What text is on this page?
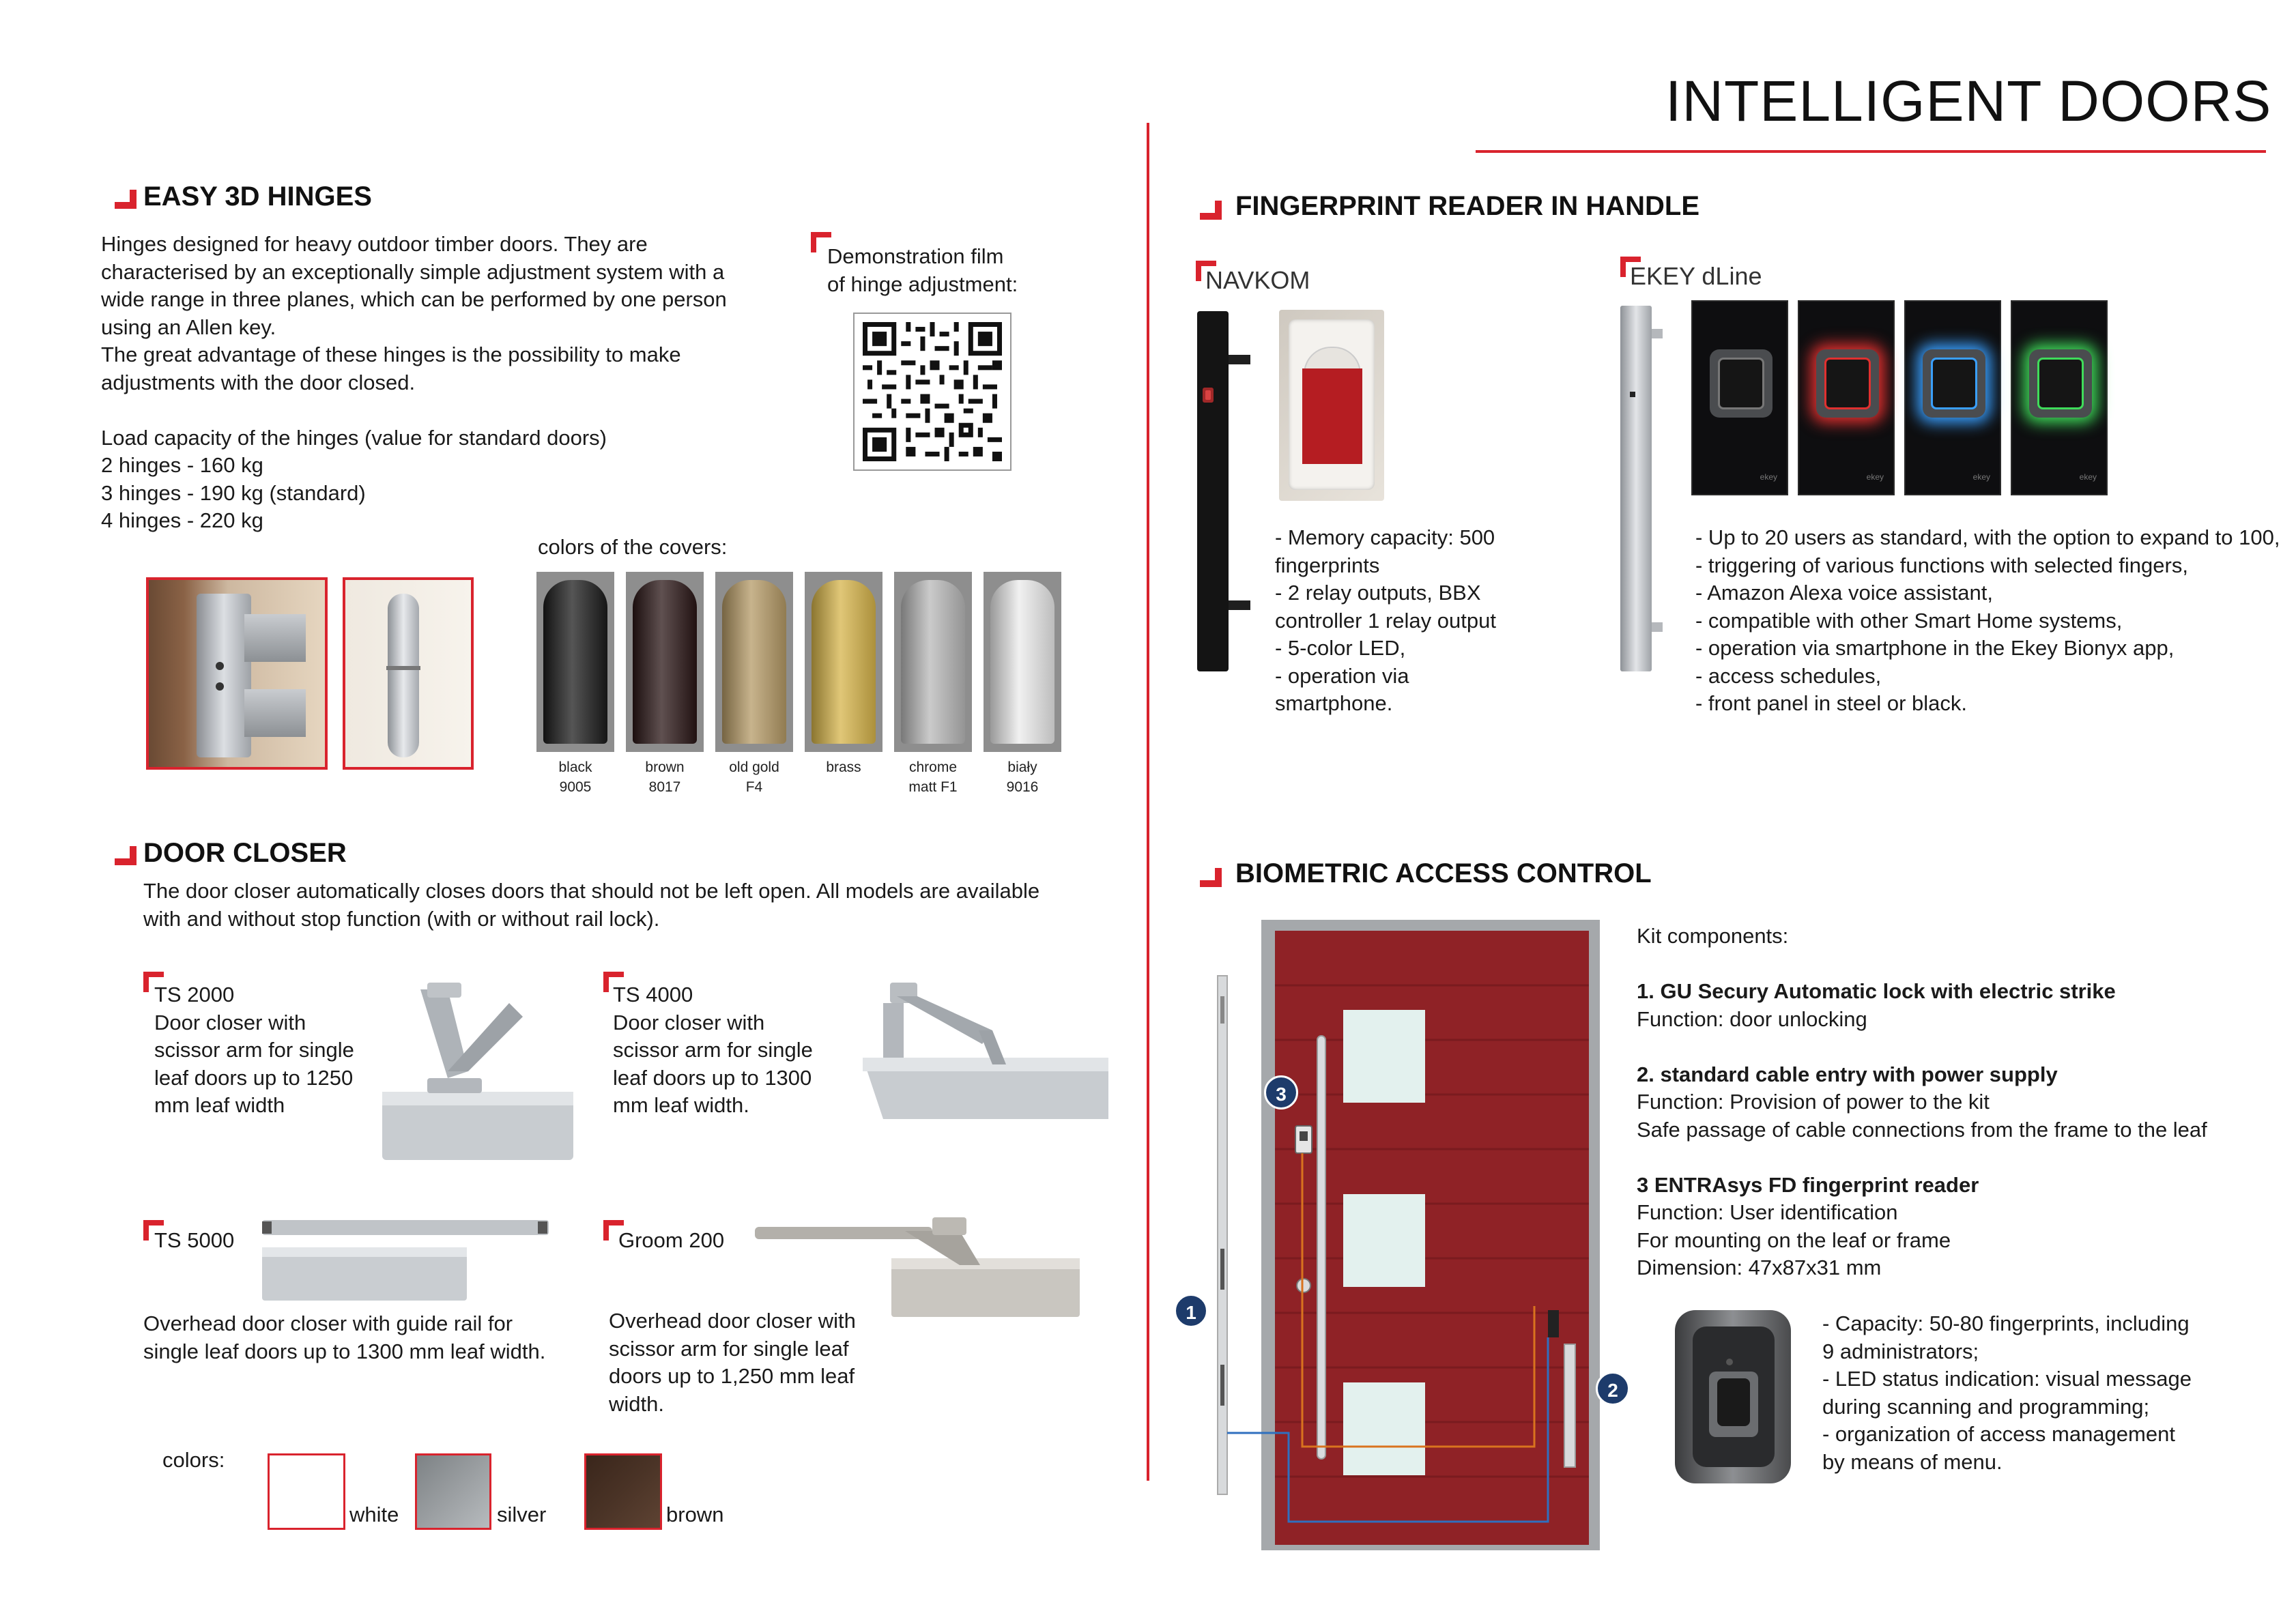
INTELLIGENT DOORS
EASY 3D HINGES
Hinges designed for heavy outdoor timber doors. They are
characterised by an exceptionally simple adjustment system with a
wide range in three planes, which can be performed by one person
using an Allen key.
The great advantage of these hinges is the possibility to make
adjustments with the door closed.
Load capacity of the hinges (value for standard doors)
2 hinges - 160 kg
3 hinges - 190 kg (standard)
4 hinges - 220 kg
Demonstration film
of hinge adjustment:
colors of the covers:
black
9005
brown
8017
old gold
F4
brass	chrome
matt F1
biały
9016
DOOR CLOSER
The door closer automatically closes doors that should not be left open. All models are available
with and without stop function (with or without rail lock).
TS 2000
Door closer with
scissor arm for single
leaf doors up to 1250
mm leaf width
TS 4000
Door closer with
scissor arm for single
leaf doors up to 1300
mm leaf width.
TS 5000
Overhead door closer with guide rail for
single leaf doors up to 1300 mm leaf width.
Groom 200
Overhead door closer with
scissor arm for single leaf
doors up to 1,250 mm leaf
width.
colors:
white	silver	brown
FINGERPRINT READER IN HANDLE
NAVKOM
- Memory capacity: 500
fingerprints
- 2 relay outputs, BBX
controller 1 relay output
- 5-color LED,
- operation via
smartphone.
EKEY dLine
ekey	ekey	ekey	ekey
- Up to 20 users as standard, with the option to expand to 100,
- triggering of various functions with selected fingers,
- Amazon Alexa voice assistant,
- compatible with other Smart Home systems,
- operation via smartphone in the Ekey Bionyx app,
- access schedules,
- front panel in steel or black.
BIOMETRIC ACCESS CONTROL
1
2
3
Kit components:
1. GU Secury Automatic lock with electric strike
Function: door unlocking
2. standard cable entry with power supply
Function: Provision of power to the kit
Safe passage of cable connections from the frame to the leaf
3 ENTRAsys FD fingerprint reader
Function: User identification
For mounting on the leaf or frame
Dimension: 47x87x31 mm
- Capacity: 50-80 fingerprints, including
9 administrators;
- LED status indication: visual message
during scanning and programming;
- organization of access management
by means of menu.
